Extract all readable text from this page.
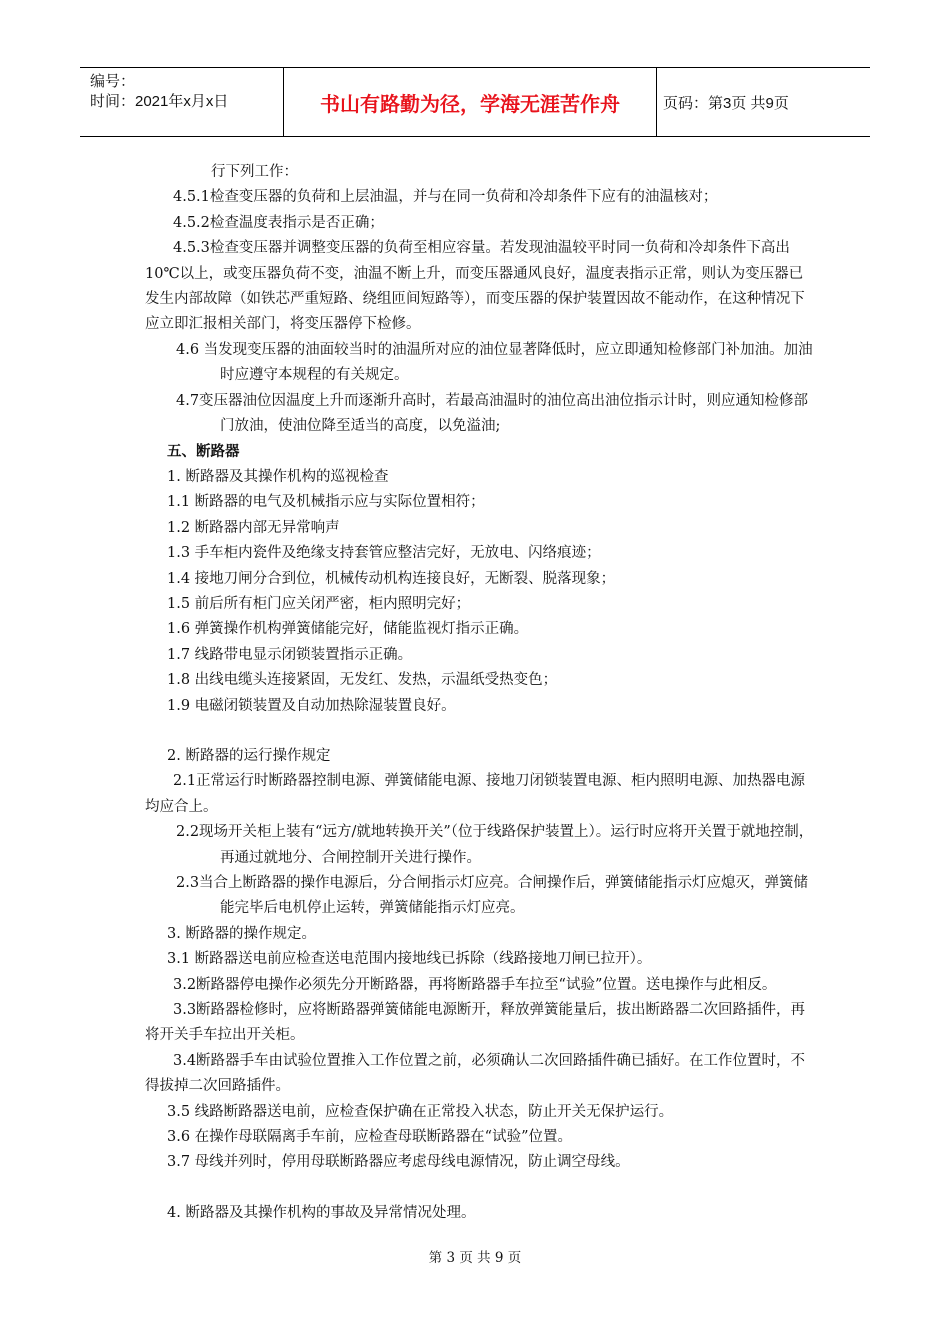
编号：
时间：2021年x月x日	书山有路勤为径，学海无涯苦作舟	页码：第3页 共9页

行下列工作：

4.5.1检查变压器的负荷和上层油温，并与在同一负荷和冷却条件下应有的油温核对；

4.5.2检查温度表指示是否正确；

4.5.3检查变压器并调整变压器的负荷至相应容量。若发现油温较平时同一负荷和冷却条件下高出10℃以上，或变压器负荷不变，油温不断上升，而变压器通风良好，温度表指示正常，则认为变压器已发生内部故障（如铁芯严重短路、绕组匝间短路等），而变压器的保护装置因故不能动作，在这种情况下应立即汇报相关部门，将变压器停下检修。

4.6 当发现变压器的油面较当时的油温所对应的油位显著降低时，应立即通知检修部门补加油。加油时应遵守本规程的有关规定。

4.7变压器油位因温度上升而逐渐升高时，若最高油温时的油位高出油位指示计时，则应通知检修部门放油，使油位降至适当的高度，以免溢油;

五、断路器

1. 断路器及其操作机构的巡视检查

1.1 断路器的电气及机械指示应与实际位置相符；

1.2 断路器内部无异常响声

1.3 手车柜内瓷件及绝缘支持套管应整洁完好，无放电、闪络痕迹；

1.4 接地刀闸分合到位，机械传动机构连接良好，无断裂、脱落现象；

1.5 前后所有柜门应关闭严密，柜内照明完好；

1.6 弹簧操作机构弹簧储能完好，储能监视灯指示正确。

1.7 线路带电显示闭锁装置指示正确。

1.8 出线电缆头连接紧固，无发红、发热，示温纸受热变色；

1.9 电磁闭锁装置及自动加热除湿装置良好。

2. 断路器的运行操作规定

2.1正常运行时断路器控制电源、弹簧储能电源、接地刀闭锁装置电源、柜内照明电源、加热器电源均应合上。

2.2现场开关柜上装有“远方/就地转换开关”（位于线路保护装置上）。运行时应将开关置于就地控制，再通过就地分、合闸控制开关进行操作。

2.3当合上断路器的操作电源后，分合闸指示灯应亮。合闸操作后，弹簧储能指示灯应熄灭，弹簧储能完毕后电机停止运转，弹簧储能指示灯应亮。

3. 断路器的操作规定。

3.1 断路器送电前应检查送电范围内接地线已拆除（线路接地刀闸已拉开）。

3.2断路器停电操作必须先分开断路器，再将断路器手车拉至“试验”位置。送电操作与此相反。

3.3断路器检修时，应将断路器弹簧储能电源断开，释放弹簧能量后，拔出断路器二次回路插件，再将开关手车拉出开关柜。

3.4断路器手车由试验位置推入工作位置之前，必须确认二次回路插件确已插好。在工作位置时，不得拔掉二次回路插件。

3.5 线路断路器送电前，应检查保护确在正常投入状态，防止开关无保护运行。

3.6 在操作母联隔离手车前，应检查母联断路器在“试验”位置。

3.7 母线并列时，停用母联断路器应考虑母线电源情况，防止调空母线。

4. 断路器及其操作机构的事故及异常情况处理。

第 3 页 共 9 页
